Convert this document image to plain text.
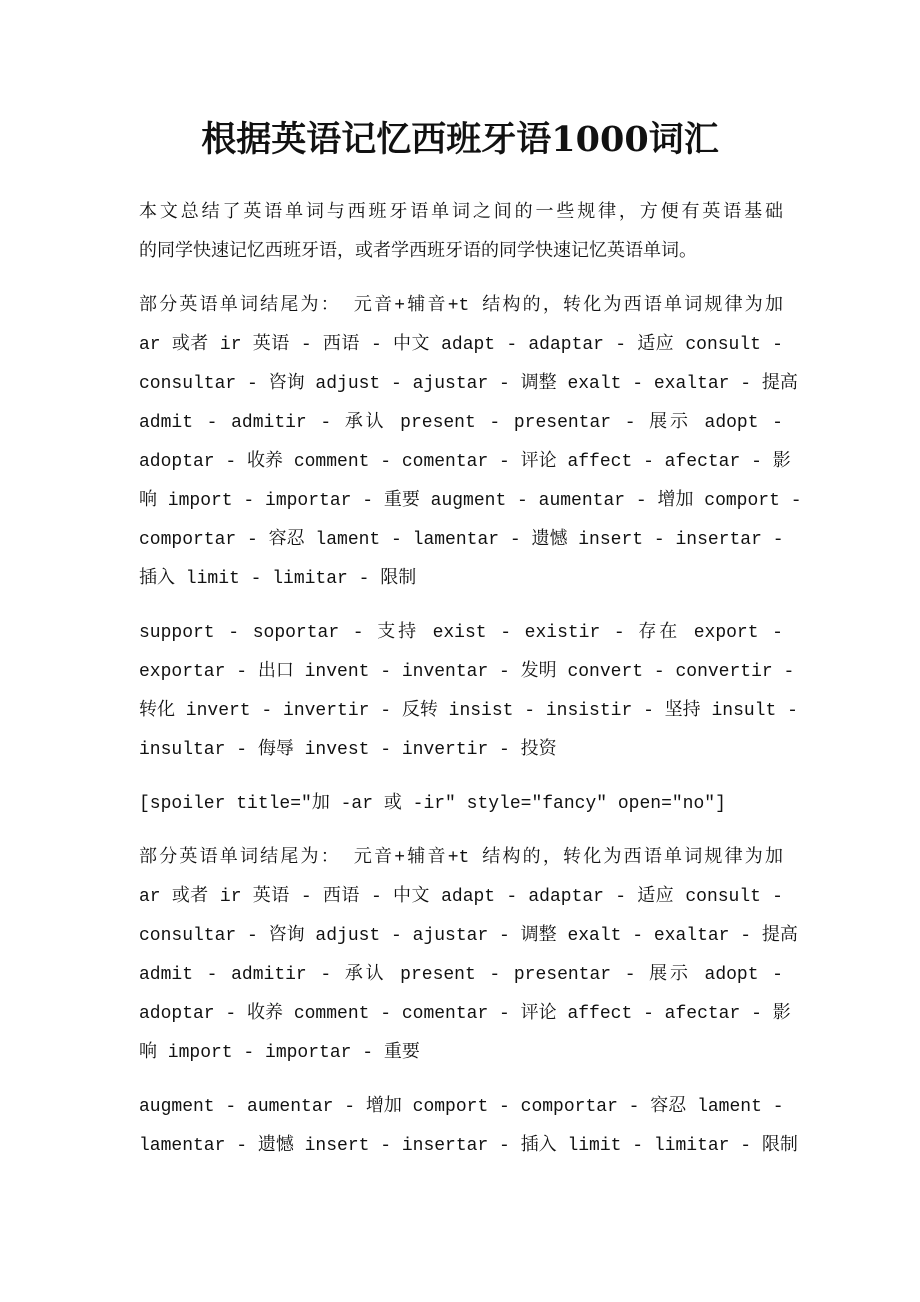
根据英语记忆西班牙语1000词汇
本文总结了英语单词与西班牙语单词之间的一些规律，方便有英语基础
的同学快速记忆西班牙语，或者学西班牙语的同学快速记忆英语单词。
部分英语单词结尾为： 元音+辅音+t 结构的，转化为西语单词规律为加
ar 或者 ir 英语 - 西语 - 中文 adapt - adaptar - 适应 consult -
consultar - 咨询 adjust - ajustar - 调整 exalt - exaltar - 提高
admit - admitir - 承认 present - presentar - 展示 adopt -
adoptar - 收养 comment - comentar - 评论 affect - afectar - 影
响 import - importar - 重要 augment - aumentar - 增加 comport -
comportar - 容忍 lament - lamentar - 遗憾 insert - insertar -
插入 limit - limitar - 限制
support - soportar - 支持 exist - existir - 存在 export -
exportar - 出口 invent - inventar - 发明 convert - convertir -
转化 invert - invertir - 反转 insist - insistir - 坚持 insult -
insultar - 侮辱 invest - invertir - 投资
[spoiler title="加 -ar 或 -ir" style="fancy" open="no"]
部分英语单词结尾为： 元音+辅音+t 结构的，转化为西语单词规律为加
ar 或者 ir 英语 - 西语 - 中文 adapt - adaptar - 适应 consult -
consultar - 咨询 adjust - ajustar - 调整 exalt - exaltar - 提高
admit - admitir - 承认 present - presentar - 展示 adopt -
adoptar - 收养 comment - comentar - 评论 affect - afectar - 影
响 import - importar - 重要
augment - aumentar - 增加 comport - comportar - 容忍 lament -
lamentar - 遗憾 insert - insertar - 插入 limit - limitar - 限制
